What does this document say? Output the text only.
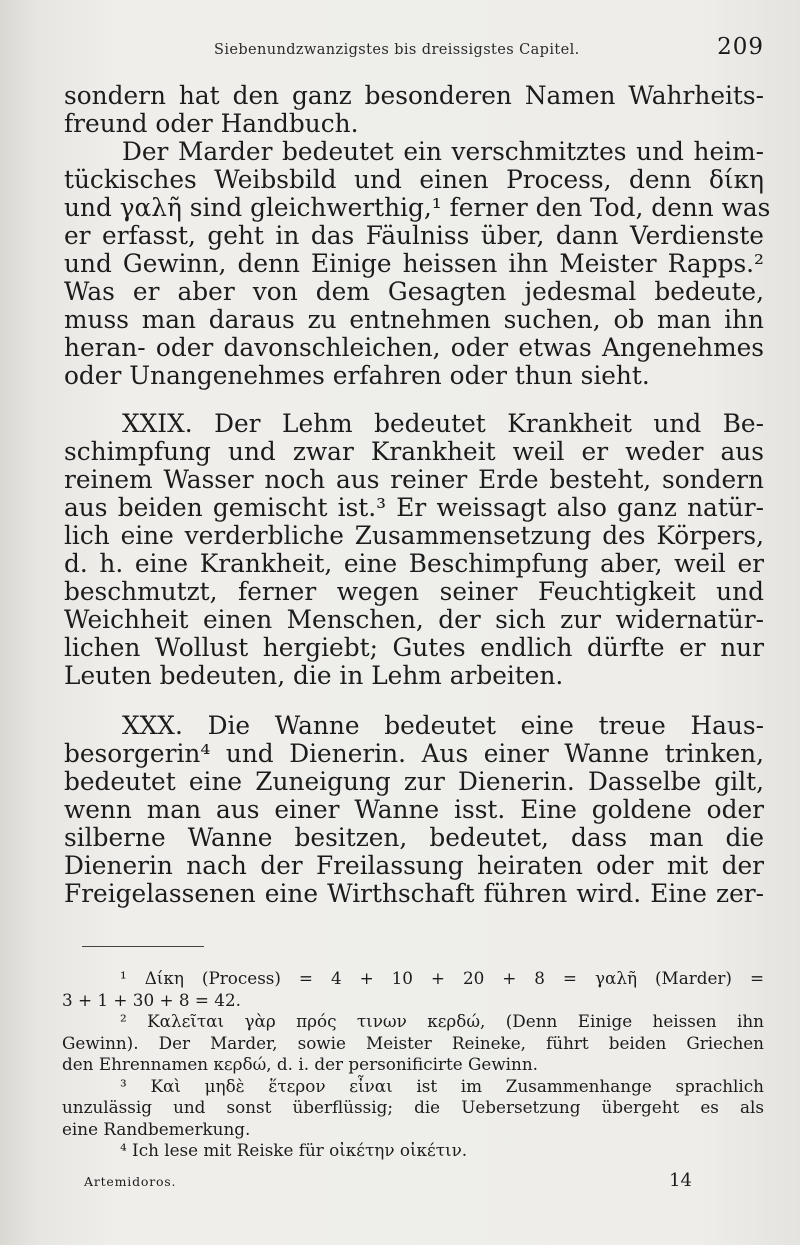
Siebenundzwanzigstes bis dreissigstes Capitel.	209
sondern hat den ganz besonderen Namen Wahrheits-
freund oder Handbuch.
Der Marder bedeutet ein verschmitztes und heim-
tückisches Weibsbild und einen Process, denn δίκη
und γαλῆ sind gleichwerthig,¹ ferner den Tod, denn was
er erfasst, geht in das Fäulniss über, dann Verdienste
und Gewinn, denn Einige heissen ihn Meister Rapps.²
Was er aber von dem Gesagten jedesmal bedeute,
muss man daraus zu entnehmen suchen, ob man ihn
heran- oder davonschleichen, oder etwas Angenehmes
oder Unangenehmes erfahren oder thun sieht.
XXIX. Der Lehm bedeutet Krankheit und Be-
schimpfung und zwar Krankheit weil er weder aus
reinem Wasser noch aus reiner Erde besteht, sondern
aus beiden gemischt ist.³ Er weissagt also ganz natür-
lich eine verderbliche Zusammensetzung des Körpers,
d. h. eine Krankheit, eine Beschimpfung aber, weil er
beschmutzt, ferner wegen seiner Feuchtigkeit und
Weichheit einen Menschen, der sich zur widernatür-
lichen Wollust hergiebt; Gutes endlich dürfte er nur
Leuten bedeuten, die in Lehm arbeiten.
XXX. Die Wanne bedeutet eine treue Haus-
besorgerin⁴ und Dienerin. Aus einer Wanne trinken,
bedeutet eine Zuneigung zur Dienerin. Dasselbe gilt,
wenn man aus einer Wanne isst. Eine goldene oder
silberne Wanne besitzen, bedeutet, dass man die
Dienerin nach der Freilassung heiraten oder mit der
Freigelassenen eine Wirthschaft führen wird. Eine zer-
¹ Δίκη (Process) = 4 + 10 + 20 + 8 = γαλῆ (Marder) =
3 + 1 + 30 + 8 = 42.
² Καλεῖται γὰρ πρός τινων κερδώ, (Denn Einige heissen ihn
Gewinn). Der Marder, sowie Meister Reineke, führt beiden Griechen
den Ehrennamen κερδώ, d. i. der personificirte Gewinn.
³ Καὶ μηδὲ ἕτερον εἶναι ist im Zusammenhange sprachlich
unzulässig und sonst überflüssig; die Uebersetzung übergeht es als
eine Randbemerkung.
⁴ Ich lese mit Reiske für οἰκέτην οἰκέτιν.
Artemidoros.	14
